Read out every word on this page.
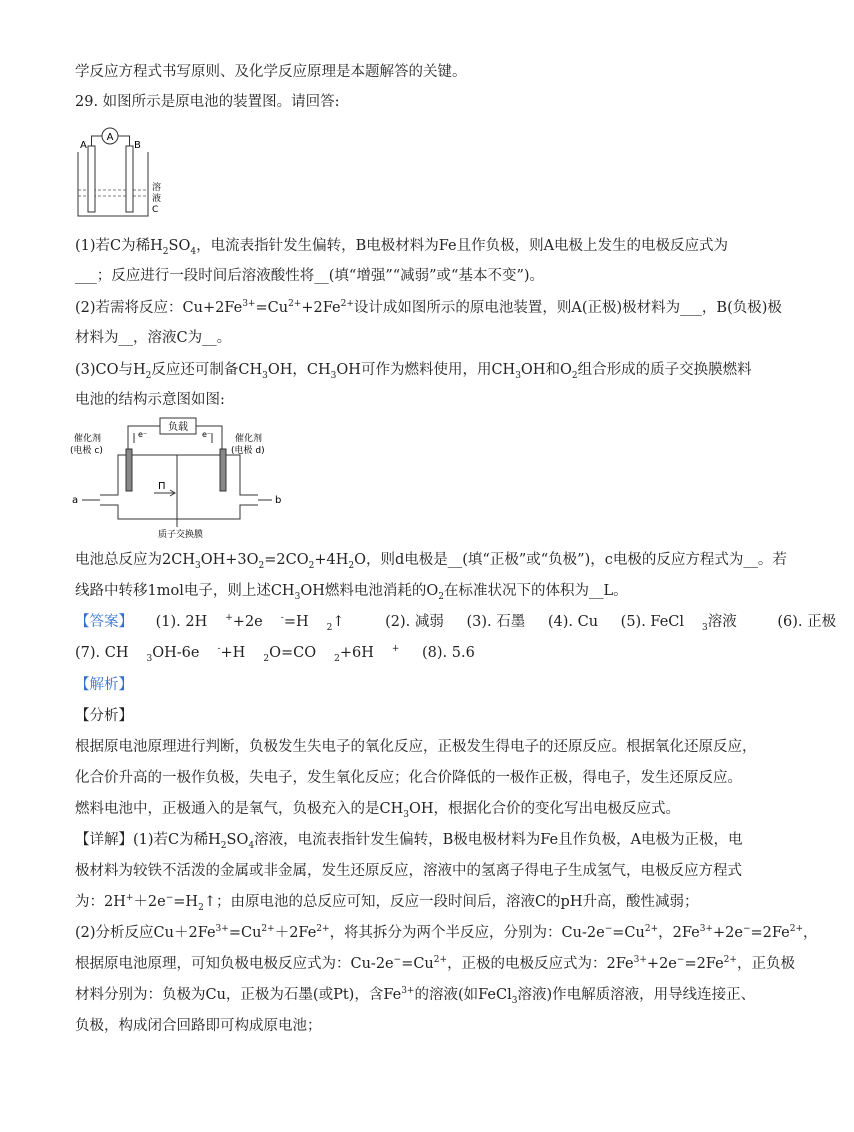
学反应方程式书写原则、及化学反应原理是本题解答的关键。
29. 如图所示是原电池的装置图。请回答:
A
A	B
溶
液
C
(1)若C为稀$H_2SO_4$，电流表指针发生偏转，B电极材料为Fe且作负极，则A电极上发生的电极反应式为
___；反应进行一段时间后溶液酸性将__(填“增强”“减弱”或“基本不变”)。
(2)若需将反应：$Cu+2Fe^{3+}=Cu^{2+}+2Fe^{2+}$设计成如图所示的原电池装置，则A(正极)极材料为___，B(负极)极
材料为__，溶液C为__。
(3)CO与$H_2$反应还可制备$CH_3OH$，$CH_3OH$可作为燃料使用，用$CH_3OH$和$O_2$组合形成的质子交换膜燃料
电池的结构示意图如图:
负载
e⁻	e⁻
Π
a	b
催化剂
(电极 c)
催化剂
(电极 d)
质子交换膜
电池总反应为$2CH_3OH+3O_2=2CO_2+4H_2O$，则d电极是__(填“正极”或“负极”)，c电极的反应方程式为__。若
线路中转移1mol电子，则上述$CH_3OH$燃料电池消耗的$O_2$在标准状况下的体积为__L。
【答案】 (1). 2H ++2e -=H $_2$↑	(2). 减弱 (3). 石墨 (4). Cu (5). FeCl $_3$溶液	(6). 正极
(7). CH $_3$OH-6e -+H $_2$O=CO $_2$+6H + (8). 5.6
【解析】
【分析】
根据原电池原理进行判断，负极发生失电子的氧化反应，正极发生得电子的还原反应。根据氧化还原反应，
化合价升高的一极作负极，失电子，发生氧化反应；化合价降低的一极作正极，得电子，发生还原反应。
燃料电池中，正极通入的是氧气，负极充入的是$CH_3OH$，根据化合价的变化写出电极反应式。
【详解】(1)若C为稀$H_2SO_4$溶液，电流表指针发生偏转，B极电极材料为Fe且作负极，A电极为正极，电
极材料为较铁不活泼的金属或非金属，发生还原反应，溶液中的氢离子得电子生成氢气，电极反应方程式
为：$2H^++2e^-=H_2↑$；由原电池的总反应可知，反应一段时间后，溶液C的pH升高，酸性减弱；
(2)分析反应$Cu+2Fe^{3+}=Cu^{2+}+2Fe^{2+}$，将其拆分为两个半反应，分别为：$Cu-2e^-=Cu^{2+}$，$2Fe^{3+}+2e^-=2Fe^{2+}$，
根据原电池原理，可知负极电极反应式为：$Cu-2e^-=Cu^{2+}$，正极的电极反应式为：$2Fe^{3+}+2e^-=2Fe^{2+}$，正负极
材料分别为：负极为Cu，正极为石墨(或Pt)，含$Fe^{3+}$的溶液(如FeCl$_3$溶液)作电解质溶液，用导线连接正、
负极，构成闭合回路即可构成原电池；
